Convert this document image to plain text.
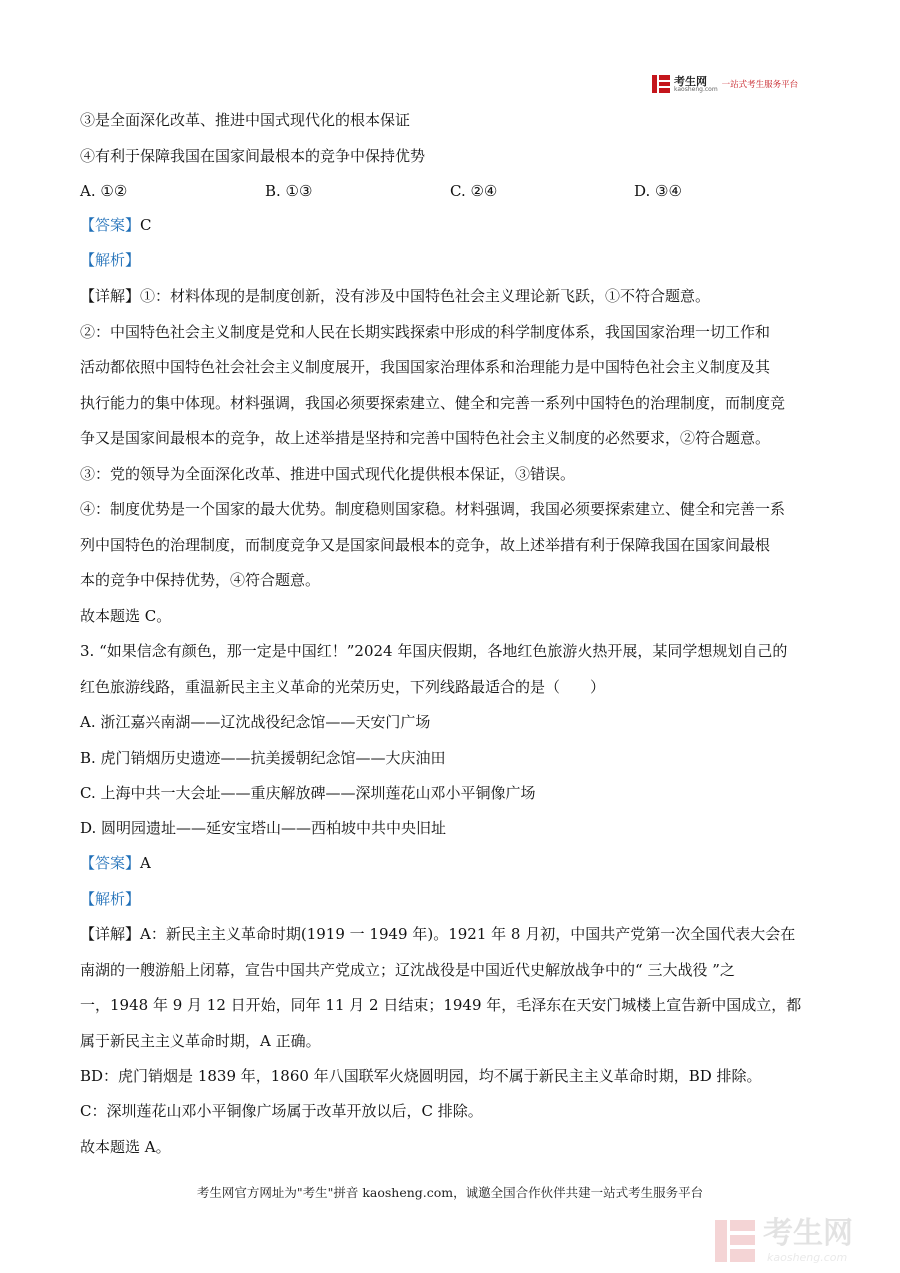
考生网
kaosheng.com 一站式考生服务平台
③是全面深化改革、推进中国式现代化的根本保证
④有利于保障我国在国家间最根本的竞争中保持优势
A. ①②	B. ①③	C. ②④	D. ③④
【答案】C
【解析】
【详解】①：材料体现的是制度创新，没有涉及中国特色社会主义理论新飞跃，①不符合题意。
②：中国特色社会主义制度是党和人民在长期实践探索中形成的科学制度体系，我国国家治理一切工作和
活动都依照中国特色社会社会主义制度展开，我国国家治理体系和治理能力是中国特色社会主义制度及其
执行能力的集中体现。材料强调，我国必须要探索建立、健全和完善一系列中国特色的治理制度，而制度竞
争又是国家间最根本的竞争，故上述举措是坚持和完善中国特色社会主义制度的必然要求，②符合题意。
③：党的领导为全面深化改革、推进中国式现代化提供根本保证，③错误。
④：制度优势是一个国家的最大优势。制度稳则国家稳。材料强调，我国必须要探索建立、健全和完善一系
列中国特色的治理制度，而制度竞争又是国家间最根本的竞争，故上述举措有利于保障我国在国家间最根
本的竞争中保持优势，④符合题意。
故本题选 C。
3. “如果信念有颜色，那一定是中国红！”2024 年国庆假期，各地红色旅游火热开展，某同学想规划自己的
红色旅游线路，重温新民主主义革命的光荣历史，下列线路最适合的是（　　）
A. 浙江嘉兴南湖——辽沈战役纪念馆——天安门广场
B. 虎门销烟历史遗迹——抗美援朝纪念馆——大庆油田
C. 上海中共一大会址——重庆解放碑——深圳莲花山邓小平铜像广场
D. 圆明园遗址——延安宝塔山——西柏坡中共中央旧址
【答案】A
【解析】
【详解】A：新民主主义革命时期(1919 一 1949 年)。1921 年 8 月初，中国共产党第一次全国代表大会在
南湖的一艘游船上闭幕，宣告中国共产党成立；辽沈战役是中国近代史解放战争中的“ 三大战役 ”之
一，1948 年 9 月 12 日开始，同年 11 月 2 日结束；1949 年，毛泽东在天安门城楼上宣告新中国成立，都
属于新民主主义革命时期，A 正确。
BD：虎门销烟是 1839 年，1860 年八国联军火烧圆明园，均不属于新民主主义革命时期，BD 排除。
C：深圳莲花山邓小平铜像广场属于改革开放以后，C 排除。
故本题选 A。
考生网官方网址为"考生"拼音 kaosheng.com，诚邀全国合作伙伴共建一站式考生服务平台
考生网
kaosheng.com
